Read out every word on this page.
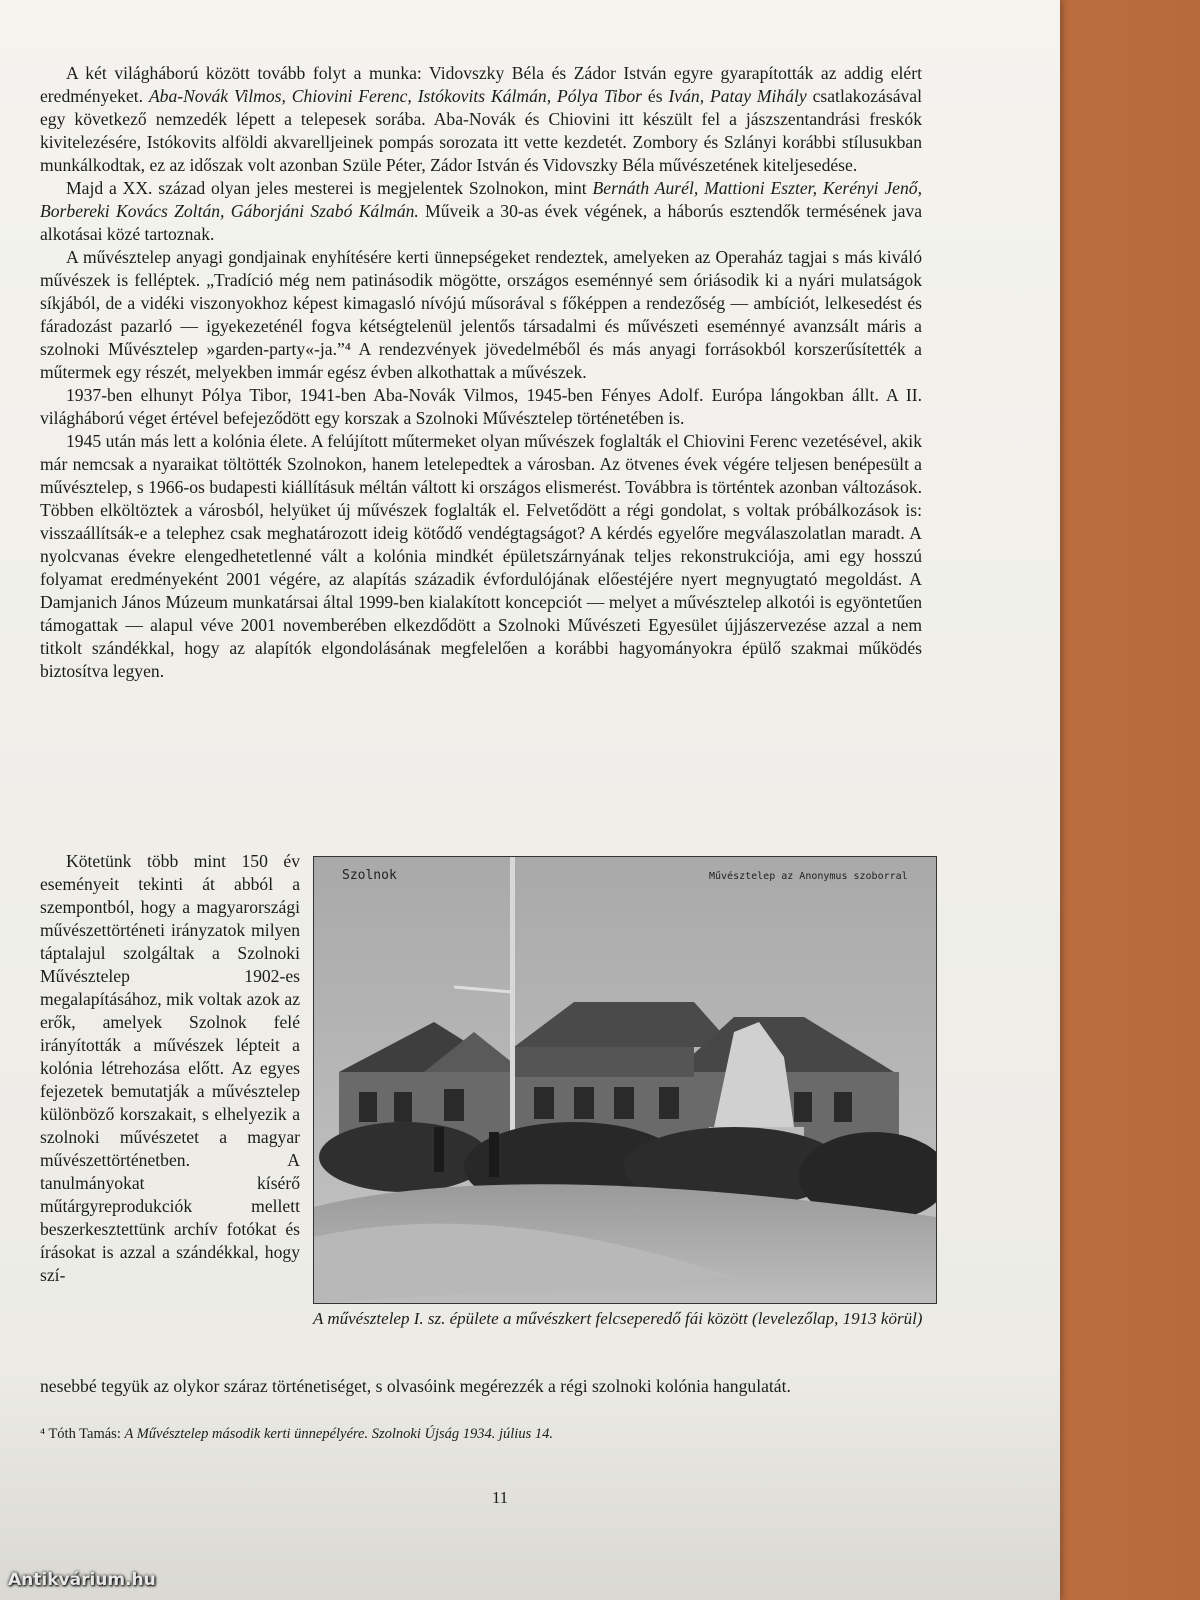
A két világháború között tovább folyt a munka: Vidovszky Béla és Zádor István egyre gyarapították az addig elért eredményeket. Aba-Novák Vilmos, Chiovini Ferenc, Istókovits Kálmán, Pólya Tibor és Iván, Patay Mihály csatlakozásával egy következő nemzedék lépett a telepesek sorába. Aba-Novák és Chiovini itt készült fel a jászszentandrási freskók kivitelezésére, Istókovits alföldi akvarelljeinek pompás sorozata itt vette kezdetét. Zombory és Szlányi korábbi stílusukban munkálkodtak, ez az időszak volt azonban Szüle Péter, Zádor István és Vidovszky Béla művészetének kiteljesedése.

Majd a XX. század olyan jeles mesterei is megjelentek Szolnokon, mint Bernáth Aurél, Mattioni Eszter, Kerényi Jenő, Borbereki Kovács Zoltán, Gáborjáni Szabó Kálmán. Műveik a 30-as évek végének, a háborús esztendők termésének java alkotásai közé tartoznak.

A művésztelep anyagi gondjainak enyhítésére kerti ünnepségeket rendeztek, amelyeken az Operaház tagjai s más kiváló művészek is felléptek. „Tradíció még nem patinásodik mögötte, országos eseménnyé sem óriásodik ki a nyári mulatságok síkjából, de a vidéki viszonyokhoz képest kimagasló nívójú műsorával s főképpen a rendezőség — ambíciót, lelkesedést és fáradozást pazarló — igyekezeténél fogva kétségtelenül jelentős társadalmi és művészeti eseménnyé avanzsált máris a szolnoki Művésztelep »garden-party«-ja.”⁴ A rendezvények jövedelméből és más anyagi forrásokból korszerűsítették a műtermek egy részét, melyekben immár egész évben alkothattak a művészek.

1937-ben elhunyt Pólya Tibor, 1941-ben Aba-Novák Vilmos, 1945-ben Fényes Adolf. Európa lángokban állt. A II. világháború véget értével befejeződött egy korszak a Szolnoki Művésztelep történetében is.

1945 után más lett a kolónia élete. A felújított műtermeket olyan művészek foglalták el Chiovini Ferenc vezetésével, akik már nemcsak a nyaraikat töltötték Szolnokon, hanem letelepedtek a városban. Az ötvenes évek végére teljesen benépesült a művésztelep, s 1966-os budapesti kiállításuk méltán váltott ki országos elismerést. Továbbra is történtek azonban változások. Többen elköltöztek a városból, helyüket új művészek foglalták el. Felvetődött a régi gondolat, s voltak próbálkozások is: visszaállítsák-e a telephez csak meghatározott ideig kötődő vendégtagságot? A kérdés egyelőre megválaszolatlan maradt. A nyolcvanas évekre elengedhetetlenné vált a kolónia mindkét épületszárnyának teljes rekonstrukciója, ami egy hosszú folyamat eredményeként 2001 végére, az alapítás századik évfordulójának előestéjére nyert megnyugtató megoldást. A Damjanich János Múzeum munkatársai által 1999-ben kialakított koncepciót — melyet a művésztelep alkotói is egyöntetűen támogattak — alapul véve 2001 novemberében elkezdődött a Szolnoki Művészeti Egyesület újjászervezése azzal a nem titkolt szándékkal, hogy az alapítók elgondolásának megfelelően a korábbi hagyományokra épülő szakmai működés biztosítva legyen.

Kötetünk több mint 150 év eseményeit tekinti át abból a szempontból, hogy a magyarországi művészettörténeti irányzatok milyen táptalajul szolgáltak a Szolnoki Művésztelep 1902-es megalapításához, mik voltak azok az erők, amelyek Szolnok felé irányították a művészek lépteit a kolónia létrehozása előtt. Az egyes fejezetek bemutatják a művésztelep különböző korszakait, s elhelyezik a szolnoki művészetet a magyar művészettörténetben. A tanulmányokat kísérő műtárgyreprodukciók mellett beszerkesztettünk archív fotókat és írásokat is azzal a szándékkal, hogy szí-

Szolnok	Művésztelep az Anonymus szoborral
A művésztelep I. sz. épülete a művészkert felcseperedő fái között (levelezőlap, 1913 körül)
nesebbé tegyük az olykor száraz történetiséget, s olvasóink megérezzék a régi szolnoki kolónia hangulatát.
⁴ Tóth Tamás: A Művésztelep második kerti ünnepélyére. Szolnoki Újság 1934. július 14.
11
Antikvárium.hu
